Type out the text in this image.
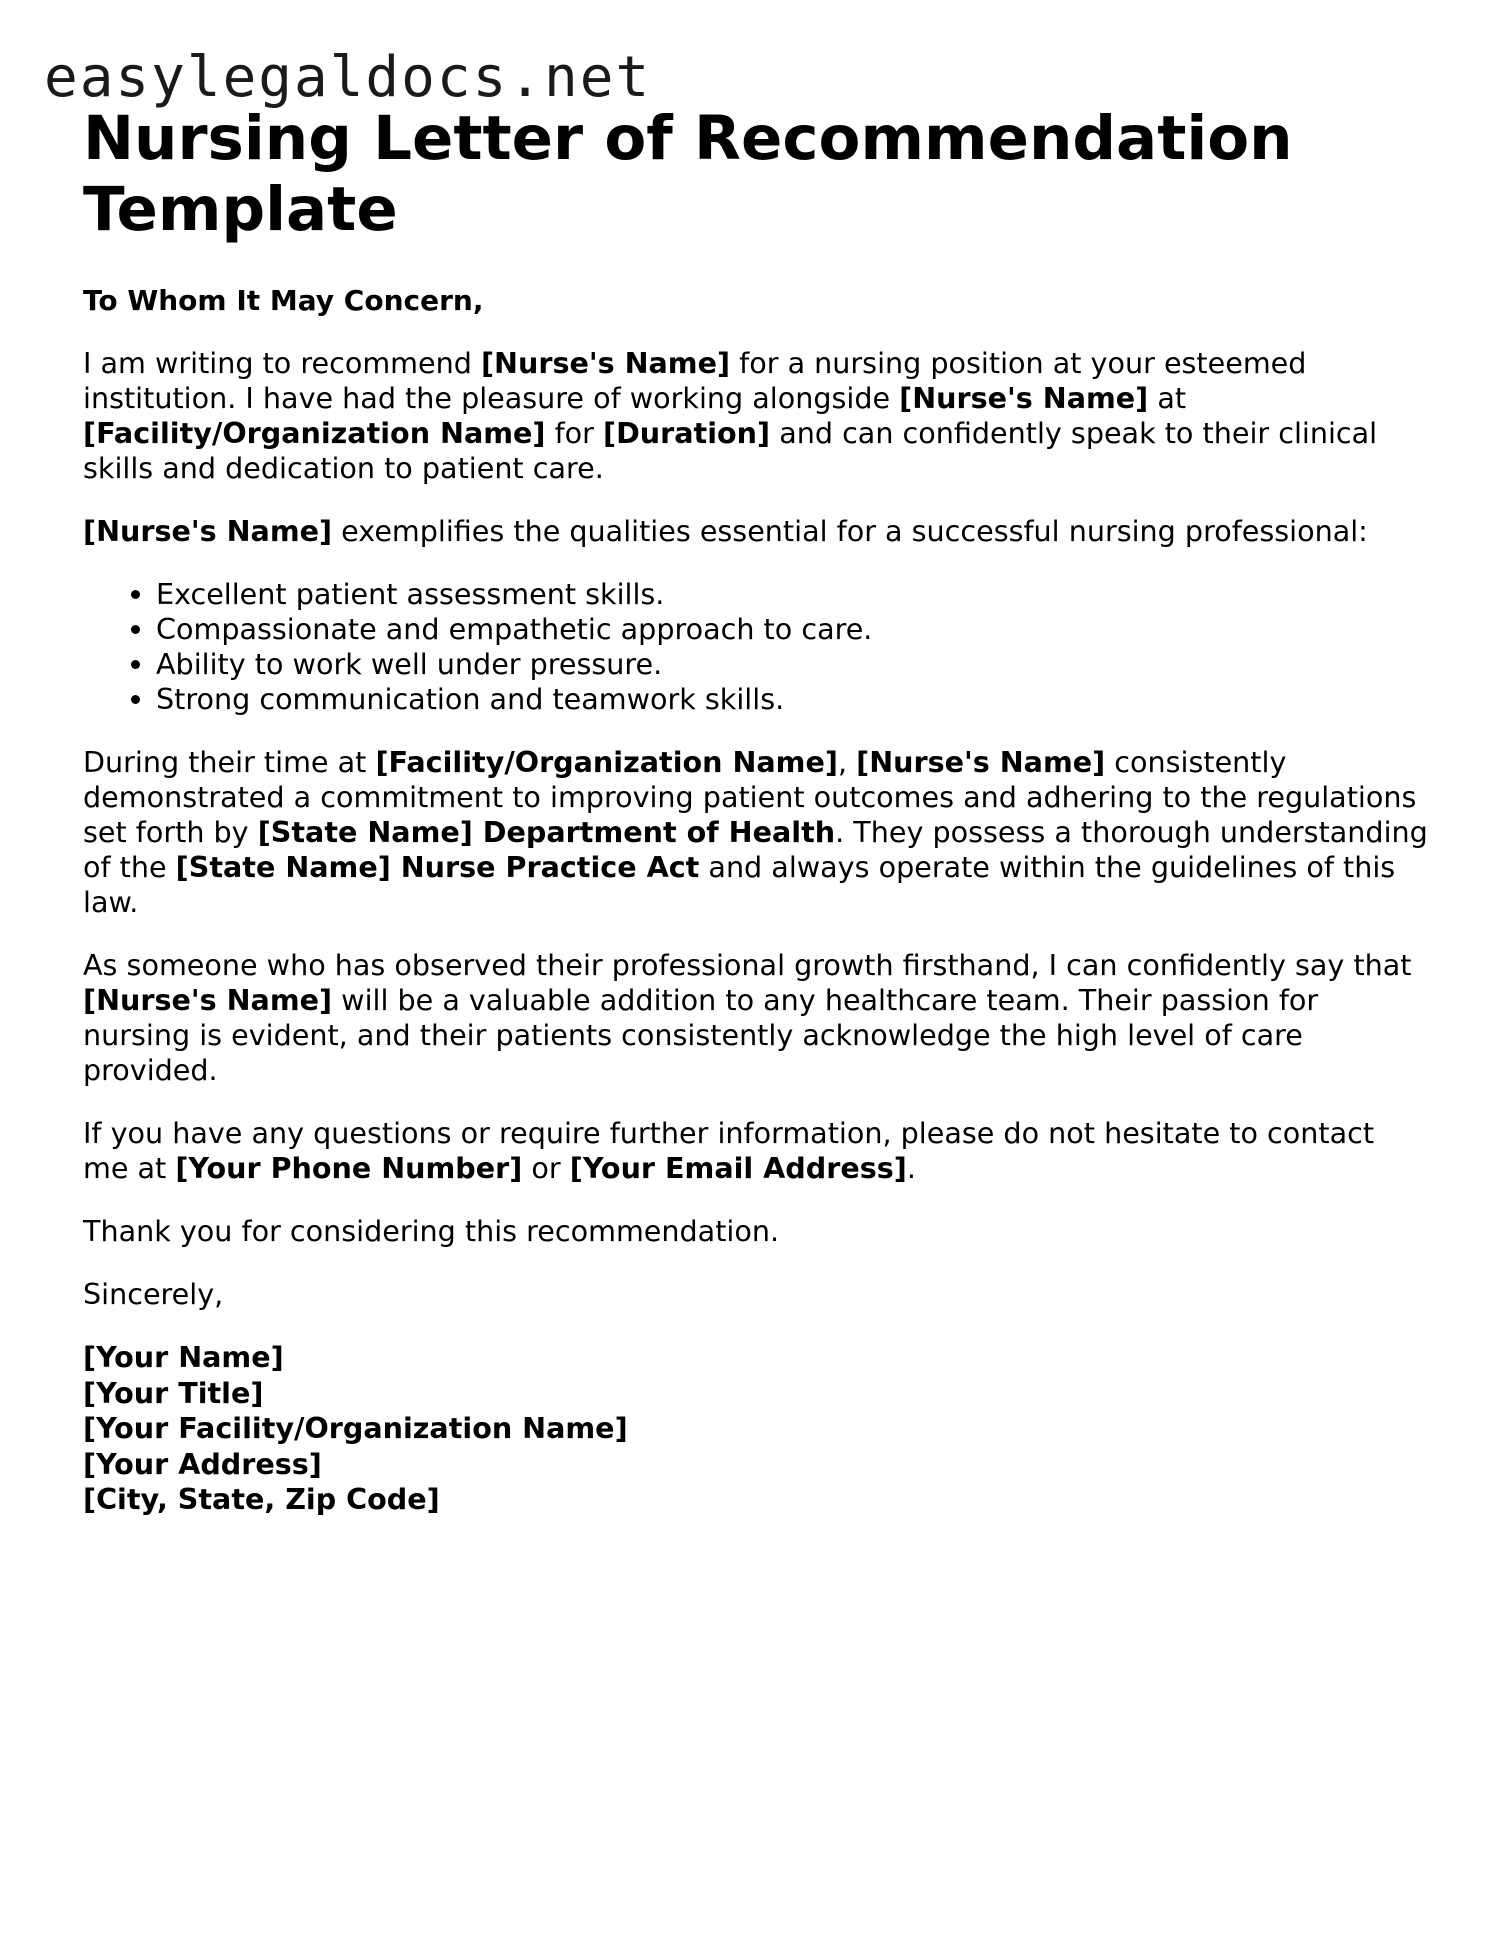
easylegaldocs.net
Nursing Letter of Recommendation Template
To Whom It May Concern,

I am writing to recommend [Nurse's Name] for a nursing position at your esteemed institution. I have had the pleasure of working alongside [Nurse's Name] at [Facility/Organization Name] for [Duration] and can confidently speak to their clinical skills and dedication to patient care.

[Nurse's Name] exemplifies the qualities essential for a successful nursing professional:

• Excellent patient assessment skills.
• Compassionate and empathetic approach to care.
• Ability to work well under pressure.
• Strong communication and teamwork skills.

During their time at [Facility/Organization Name], [Nurse's Name] consistently demonstrated a commitment to improving patient outcomes and adhering to the regulations set forth by [State Name] Department of Health. They possess a thorough understanding of the [State Name] Nurse Practice Act and always operate within the guidelines of this law.

As someone who has observed their professional growth firsthand, I can confidently say that [Nurse's Name] will be a valuable addition to any healthcare team. Their passion for nursing is evident, and their patients consistently acknowledge the high level of care provided.

If you have any questions or require further information, please do not hesitate to contact me at [Your Phone Number] or [Your Email Address].

Thank you for considering this recommendation.

Sincerely,

[Your Name]
[Your Title]
[Your Facility/Organization Name]
[Your Address]
[City, State, Zip Code]
